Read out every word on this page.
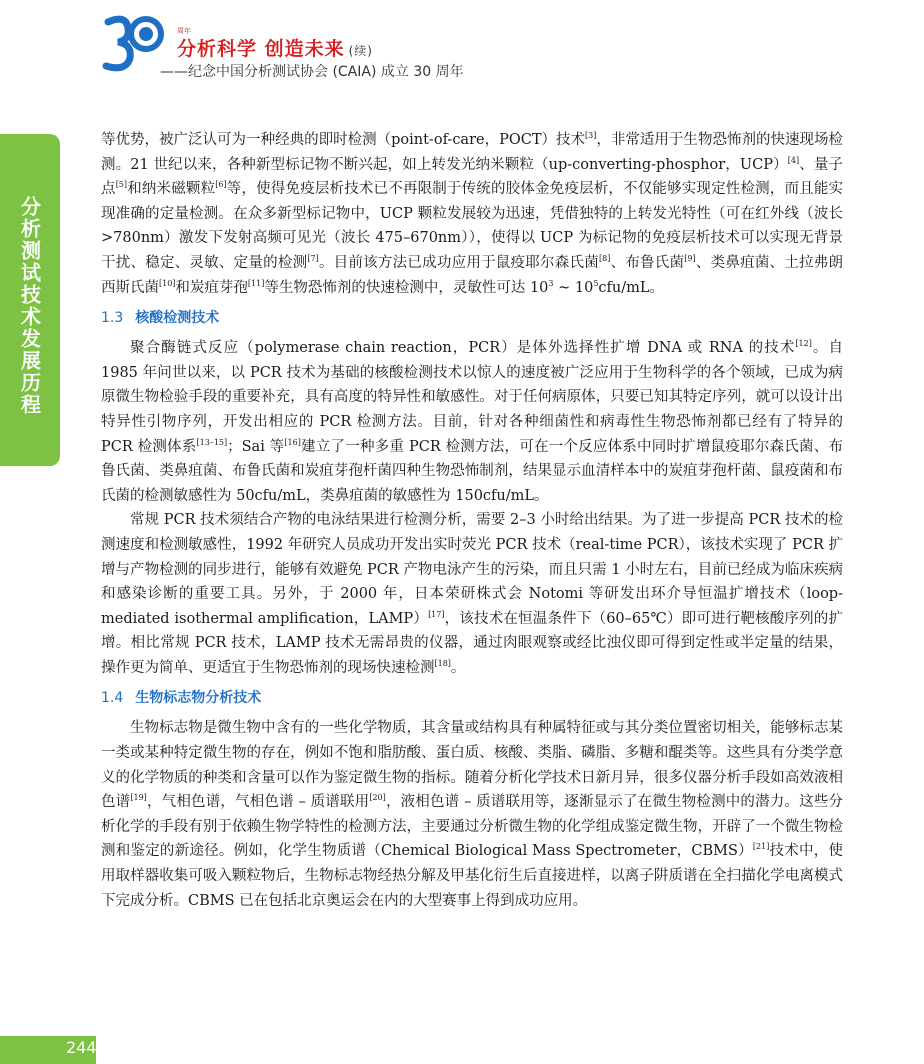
周年
分析科学 创造未来 (续)
——纪念中国分析测试协会 (CAIA) 成立 30 周年
分析测试技术发展历程

等优势，被广泛认可为一种经典的即时检测（point-of-care，POCT）技术[3]，非常适用于生物恐怖剂的快速现场检测。21 世纪以来，各种新型标记物不断兴起，如上转发光纳米颗粒（up-converting-phosphor，UCP）[4]、量子点[5]和纳米磁颗粒[6]等，使得免疫层析技术已不再限制于传统的胶体金免疫层析，不仅能够实现定性检测，而且能实现准确的定量检测。在众多新型标记物中，UCP 颗粒发展较为迅速，凭借独特的上转发光特性（可在红外线（波长 >780nm）激发下发射高频可见光（波长 475–670nm）），使得以 UCP 为标记物的免疫层析技术可以实现无背景干扰、稳定、灵敏、定量的检测[7]。目前该方法已成功应用于鼠疫耶尔森氏菌[8]、布鲁氏菌[9]、类鼻疽菌、土拉弗朗西斯氏菌[10]和炭疽芽孢[11]等生物恐怖剂的快速检测中，灵敏性可达 $10^3$ ~ $10^5cfu/mL$。

1.3 核酸检测技术

聚合酶链式反应（polymerase chain reaction，PCR）是体外选择性扩增 DNA 或 RNA 的技术[12]。自 1985 年问世以来，以 PCR 技术为基础的核酸检测技术以惊人的速度被广泛应用于生物科学的各个领域，已成为病原微生物检验手段的重要补充，具有高度的特异性和敏感性。对于任何病原体，只要已知其特定序列，就可以设计出特异性引物序列，开发出相应的 PCR 检测方法。目前，针对各种细菌性和病毒性生物恐怖剂都已经有了特异的 PCR 检测体系[13–15]；Sai 等[16]建立了一种多重 PCR 检测方法，可在一个反应体系中同时扩增鼠疫耶尔森氏菌、布鲁氏菌、类鼻疽菌、布鲁氏菌和炭疽芽孢杆菌四种生物恐怖制剂，结果显示血清样本中的炭疽芽孢杆菌、鼠疫菌和布氏菌的检测敏感性为 50cfu/mL，类鼻疽菌的敏感性为 150cfu/mL。

常规 PCR 技术须结合产物的电泳结果进行检测分析，需要 2–3 小时给出结果。为了进一步提高 PCR 技术的检测速度和检测敏感性，1992 年研究人员成功开发出实时荧光 PCR 技术（real-time PCR），该技术实现了 PCR 扩增与产物检测的同步进行，能够有效避免 PCR 产物电泳产生的污染，而且只需 1 小时左右，目前已经成为临床疾病和感染诊断的重要工具。另外，于 2000 年，日本荣研株式会 Notomi 等研发出环介导恒温扩增技术（loop-mediated isothermal amplification，LAMP）[17]，该技术在恒温条件下（60–65℃）即可进行靶核酸序列的扩增。相比常规 PCR 技术，LAMP 技术无需昂贵的仪器，通过肉眼观察或经比浊仪即可得到定性或半定量的结果，操作更为简单、更适宜于生物恐怖剂的现场快速检测[18]。

1.4 生物标志物分析技术

生物标志物是微生物中含有的一些化学物质，其含量或结构具有种属特征或与其分类位置密切相关，能够标志某一类或某种特定微生物的存在，例如不饱和脂肪酸、蛋白质、核酸、类脂、磷脂、多糖和醌类等。这些具有分类学意义的化学物质的种类和含量可以作为鉴定微生物的指标。随着分析化学技术日新月异，很多仪器分析手段如高效液相色谱[19]，气相色谱，气相色谱 – 质谱联用[20]，液相色谱 – 质谱联用等，逐渐显示了在微生物检测中的潜力。这些分析化学的手段有别于依赖生物学特性的检测方法，主要通过分析微生物的化学组成鉴定微生物，开辟了一个微生物检测和鉴定的新途径。例如，化学生物质谱（Chemical Biological Mass Spectrometer，CBMS）[21]技术中，使用取样器收集可吸入颗粒物后，生物标志物经热分解及甲基化衍生后直接进样，以离子阱质谱在全扫描化学电离模式下完成分析。CBMS 已在包括北京奥运会在内的大型赛事上得到成功应用。

244
